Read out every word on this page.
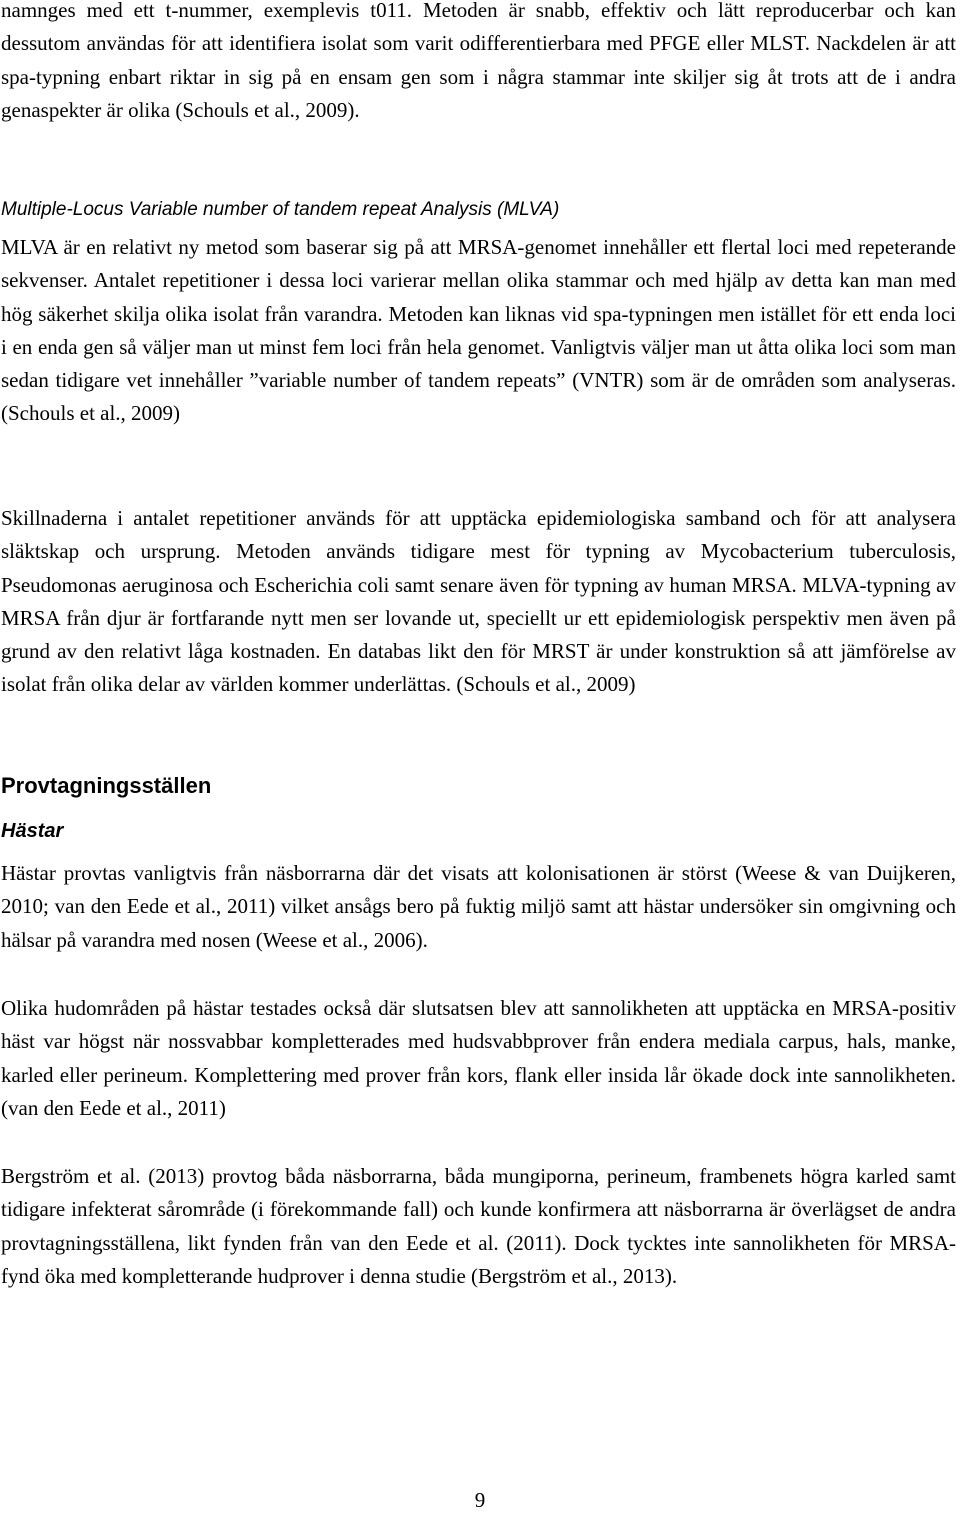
namnges med ett t-nummer, exemplevis t011. Metoden är snabb, effektiv och lätt reproducerbar och kan dessutom användas för att identifiera isolat som varit odifferentierbara med PFGE eller MLST. Nackdelen är att spa-typning enbart riktar in sig på en ensam gen som i några stammar inte skiljer sig åt trots att de i andra genaspekter är olika (Schouls et al., 2009).

Multiple-Locus Variable number of tandem repeat Analysis (MLVA)

MLVA är en relativt ny metod som baserar sig på att MRSA-genomet innehåller ett flertal loci med repeterande sekvenser. Antalet repetitioner i dessa loci varierar mellan olika stammar och med hjälp av detta kan man med hög säkerhet skilja olika isolat från varandra. Metoden kan liknas vid spa-typningen men istället för ett enda loci i en enda gen så väljer man ut minst fem loci från hela genomet. Vanligtvis väljer man ut åtta olika loci som man sedan tidigare vet innehåller ”variable number of tandem repeats” (VNTR) som är de områden som analyseras. (Schouls et al., 2009)

Skillnaderna i antalet repetitioner används för att upptäcka epidemiologiska samband och för att analysera släktskap och ursprung. Metoden används tidigare mest för typning av Mycobacterium tuberculosis, Pseudomonas aeruginosa och Escherichia coli samt senare även för typning av human MRSA. MLVA-typning av MRSA från djur är fortfarande nytt men ser lovande ut, speciellt ur ett epidemiologisk perspektiv men även på grund av den relativt låga kostnaden. En databas likt den för MRST är under konstruktion så att jämförelse av isolat från olika delar av världen kommer underlättas. (Schouls et al., 2009)

Provtagningsställen
Hästar

Hästar provtas vanligtvis från näsborrarna där det visats att kolonisationen är störst (Weese & van Duijkeren, 2010; van den Eede et al., 2011) vilket ansågs bero på fuktig miljö samt att hästar undersöker sin omgivning och hälsar på varandra med nosen (Weese et al., 2006).

Olika hudområden på hästar testades också där slutsatsen blev att sannolikheten att upptäcka en MRSA-positiv häst var högst när nossvabbar kompletterades med hudsvabbprover från endera mediala carpus, hals, manke, karled eller perineum. Komplettering med prover från kors, flank eller insida lår ökade dock inte sannolikheten. (van den Eede et al., 2011)

Bergström et al. (2013) provtog båda näsborrarna, båda mungiporna, perineum, frambenets högra karled samt tidigare infekterat sårområde (i förekommande fall) och kunde konfirmera att näsborrarna är överlägset de andra provtagningsställena, likt fynden från van den Eede et al. (2011). Dock tycktes inte sannolikheten för MRSA-fynd öka med kompletterande hudprover i denna studie (Bergström et al., 2013).

9
